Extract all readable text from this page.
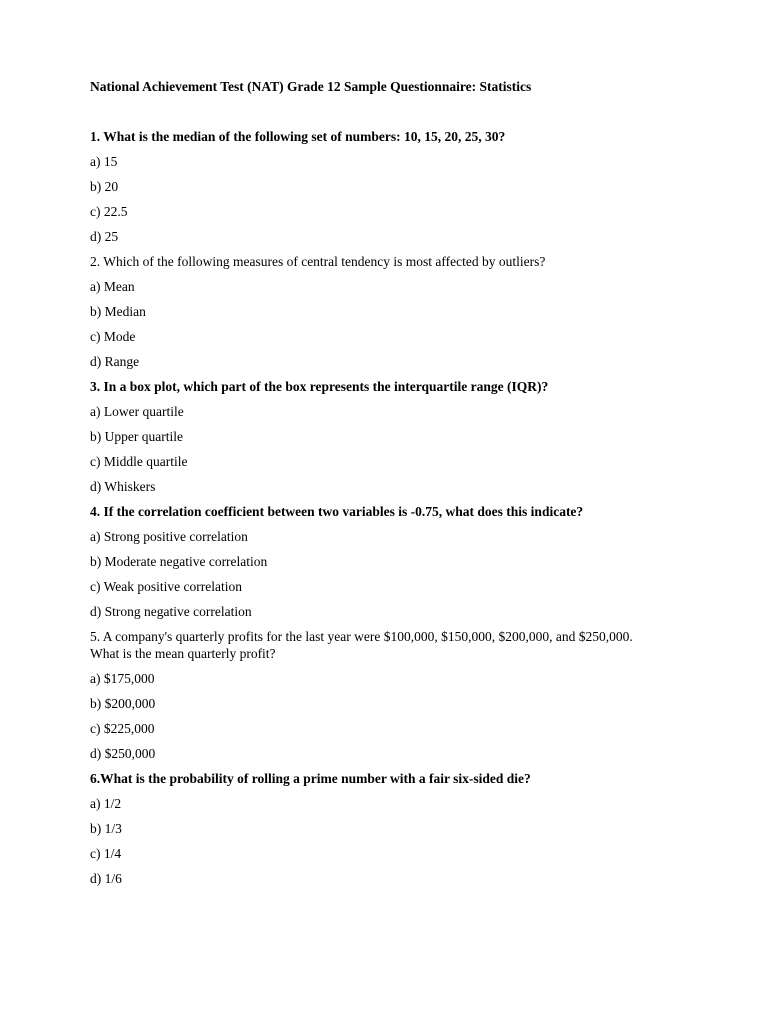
National Achievement Test (NAT) Grade 12 Sample Questionnaire: Statistics

1. What is the median of the following set of numbers: 10, 15, 20, 25, 30?

a) 15

b) 20

c) 22.5

d) 25

2. Which of the following measures of central tendency is most affected by outliers?

a) Mean

b) Median

c) Mode

d) Range

3. In a box plot, which part of the box represents the interquartile range (IQR)?

a) Lower quartile

b) Upper quartile

c) Middle quartile

d) Whiskers

4. If the correlation coefficient between two variables is -0.75, what does this indicate?

a) Strong positive correlation

b) Moderate negative correlation

c) Weak positive correlation

d) Strong negative correlation

5. A company's quarterly profits for the last year were $100,000, $150,000, $200,000, and $250,000. What is the mean quarterly profit?

a) $175,000

b) $200,000

c) $225,000

d) $250,000

6.What is the probability of rolling a prime number with a fair six-sided die?

a) 1/2

b) 1/3

c) 1/4

d) 1/6
